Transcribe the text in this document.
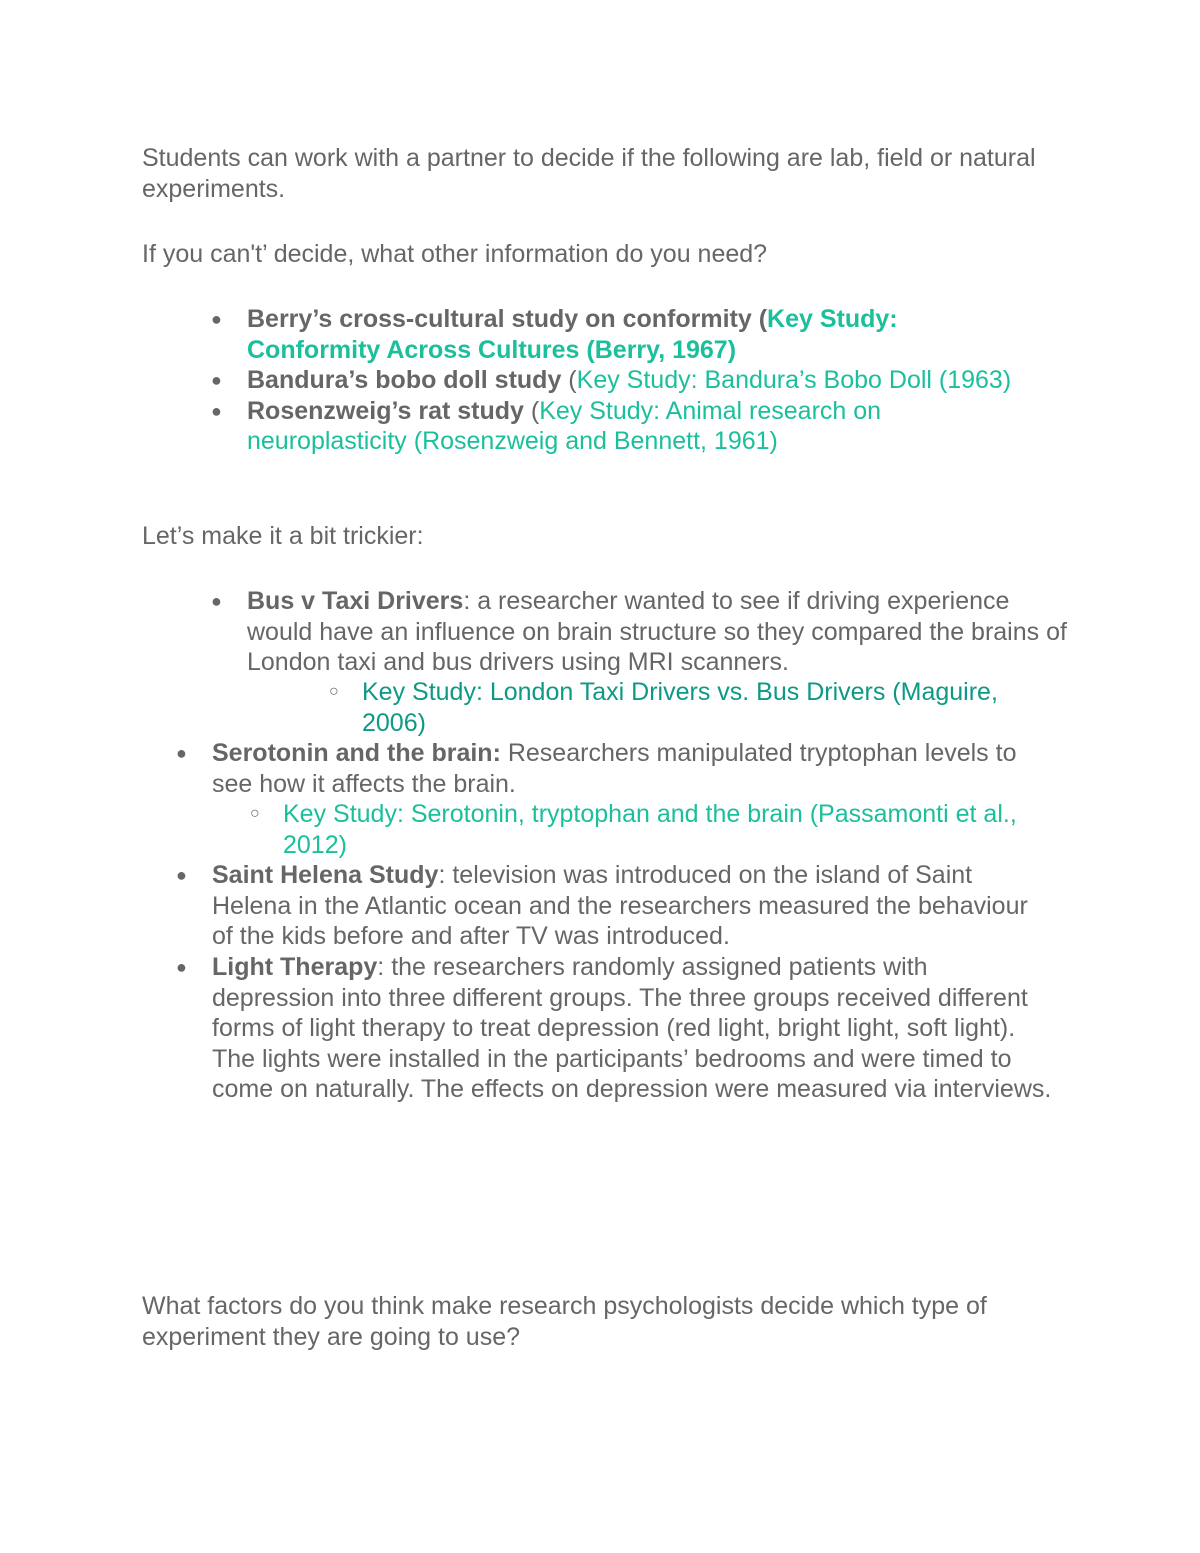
Students can work with a partner to decide if the following are lab, field or natural experiments.

If you can't’ decide, what other information do you need?

● Berry’s cross-cultural study on conformity (Key Study: Conformity Across Cultures (Berry, 1967)
● Bandura’s bobo doll study (Key Study: Bandura’s Bobo Doll (1963)
● Rosenzweig’s rat study (Key Study: Animal research on neuroplasticity (Rosenzweig and Bennett, 1961)

Let’s make it a bit trickier:

● Bus v Taxi Drivers: a researcher wanted to see if driving experience would have an influence on brain structure so they compared the brains of London taxi and bus drivers using MRI scanners.
○ Key Study: London Taxi Drivers vs. Bus Drivers (Maguire, 2006)
● Serotonin and the brain: Researchers manipulated tryptophan levels to see how it affects the brain.
○ Key Study: Serotonin, tryptophan and the brain (Passamonti et al., 2012)
● Saint Helena Study: television was introduced on the island of Saint Helena in the Atlantic ocean and the researchers measured the behaviour of the kids before and after TV was introduced.
● Light Therapy: the researchers randomly assigned patients with depression into three different groups. The three groups received different forms of light therapy to treat depression (red light, bright light, soft light). The lights were installed in the participants’ bedrooms and were timed to come on naturally. The effects on depression were measured via interviews.

What factors do you think make research psychologists decide which type of experiment they are going to use?
